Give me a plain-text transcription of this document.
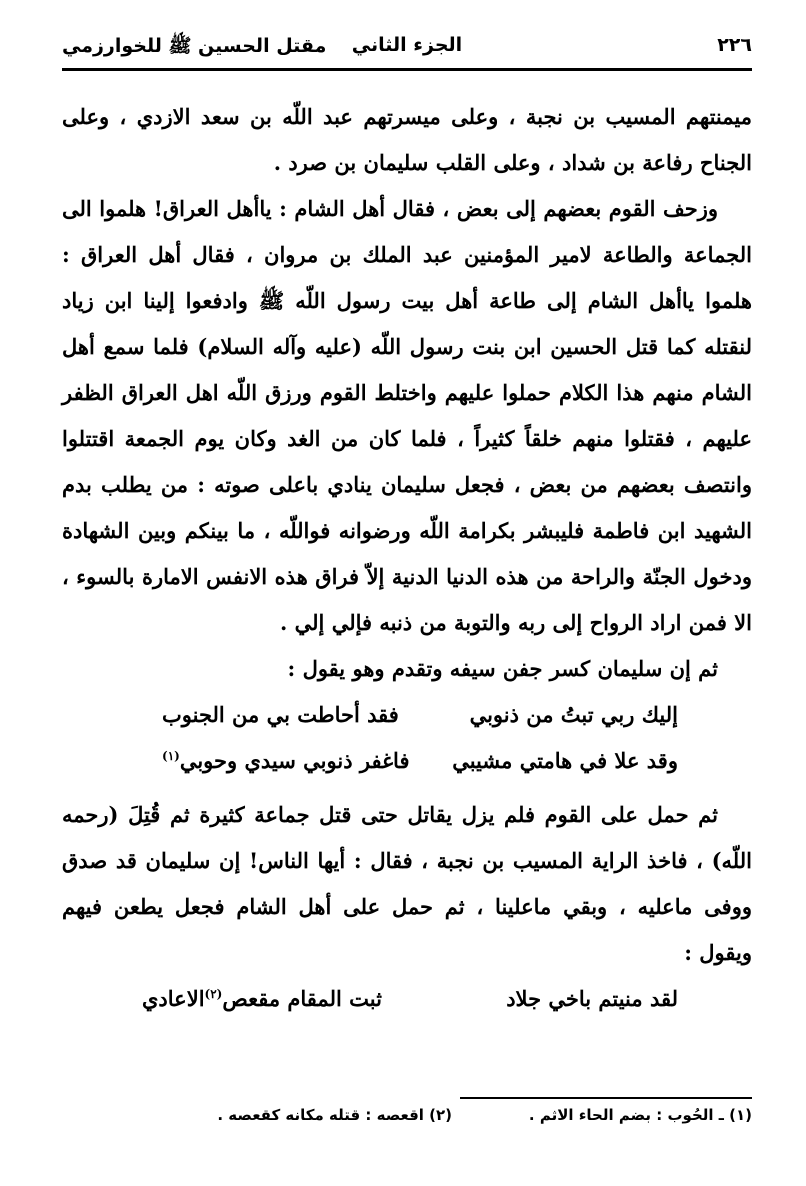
٢٢٦
الجزء الثاني
مقتل الحسين ﷺ للخوارزمي

ميمنتهم المسيب بن نجبة ، وعلى ميسرتهم عبد اللّه بن سعد الازدي ، وعلى الجناح رفاعة بن شداد ، وعلى القلب سليمان بن صرد .

وزحف القوم بعضهم إلى بعض ، فقال أهل الشام : ياأهل العراق! هلموا الى الجماعة والطاعة لامير المؤمنين عبد الملك بن مروان ، فقال أهل العراق : هلموا ياأهل الشام إلى طاعة أهل بيت رسول اللّه ﷺ وادفعوا إلينا ابن زياد لنقتله كما قتل الحسين ابن بنت رسول اللّه (عليه وآله السلام) فلما سمع أهل الشام منهم هذا الكلام حملوا عليهم واختلط القوم ورزق اللّه اهل العراق الظفر عليهم ، فقتلوا منهم خلقاً كثيراً ، فلما كان من الغد وكان يوم الجمعة اقتتلوا وانتصف بعضهم من بعض ، فجعل سليمان ينادي باعلى صوته : من يطلب بدم الشهيد ابن فاطمة فليبشر بكرامة اللّه ورضوانه فواللّه ، ما بينكم وبين الشهادة ودخول الجنّة والراحة من هذه الدنيا الدنية إلاّ فراق هذه الانفس الامارة بالسوء ، الا فمن اراد الرواح إلى ربه والتوبة من ذنبه فإلي إلي .

ثم إن سليمان كسر جفن سيفه وتقدم وهو يقول :

إليك ربي تبتُ من ذنوبي
فقد أحاطت بي من الجنوب
وقد علا في هامتي مشيبي
فاغفر ذنوبي سيدي وحوبي$^{(١)}$

ثم حمل على القوم فلم يزل يقاتل حتى قتل جماعة كثيرة ثم قُتِلَ (رحمه اللّه) ، فاخذ الراية المسيب بن نجبة ، فقال : أيها الناس! إن سليمان قد صدق ووفى ماعليه ، وبقي ماعلينا ، ثم حمل على أهل الشام فجعل يطعن فيهم ويقول :

لقد منيتم باخي جلاد
ثبت المقام مقعص$^{(٢)}$الاعادي
(١) ـ الحُوب : بضم الحاء الاثم .
(٢) اقعصه : قتله مكانه كقعصه .
